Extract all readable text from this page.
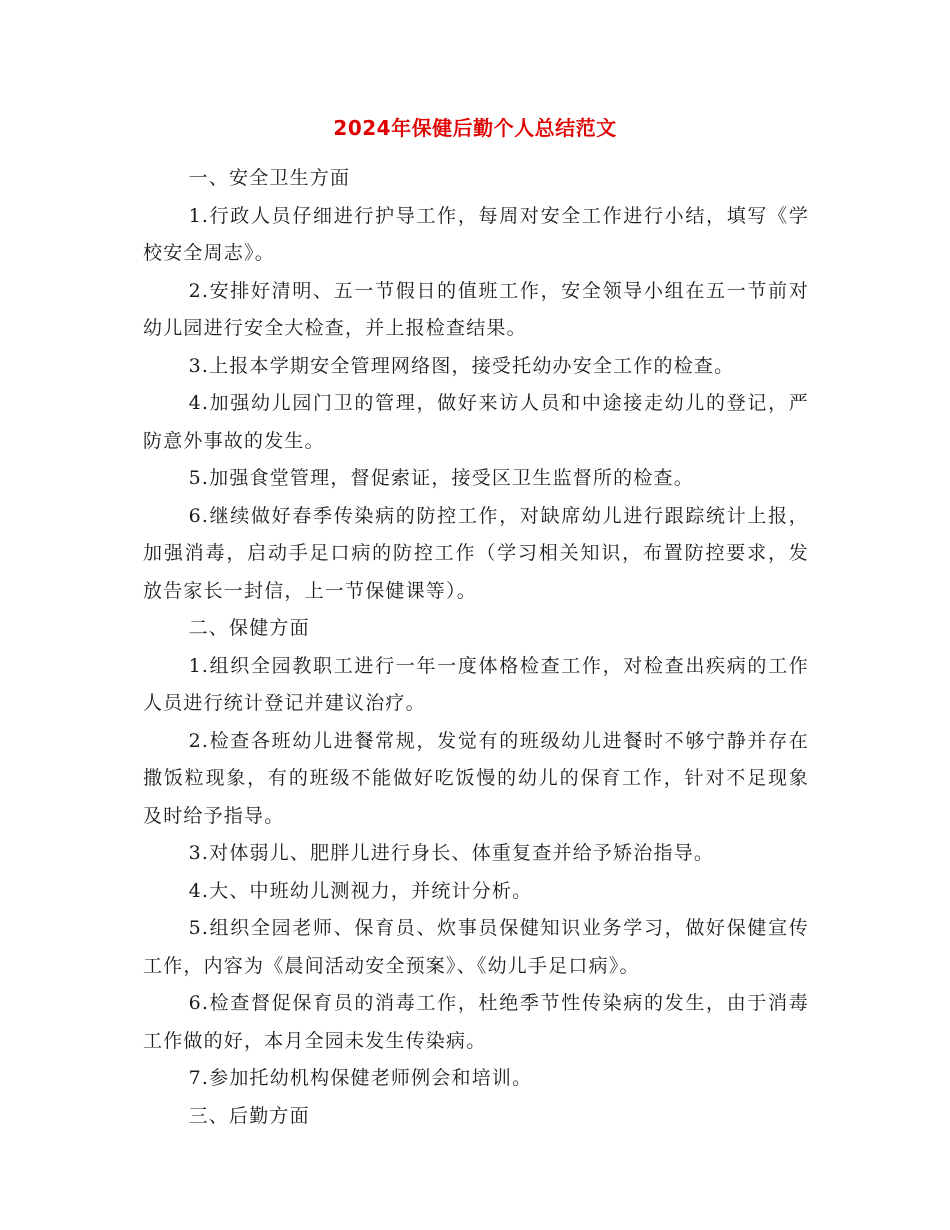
2024年保健后勤个人总结范文

一、安全卫生方面

1.行政人员仔细进行护导工作，每周对安全工作进行小结，填写《学校安全周志》。

2.安排好清明、五一节假日的值班工作，安全领导小组在五一节前对幼儿园进行安全大检查，并上报检查结果。

3.上报本学期安全管理网络图，接受托幼办安全工作的检查。

4.加强幼儿园门卫的管理，做好来访人员和中途接走幼儿的登记，严防意外事故的发生。

5.加强食堂管理，督促索证，接受区卫生监督所的检查。

6.继续做好春季传染病的防控工作，对缺席幼儿进行跟踪统计上报，加强消毒，启动手足口病的防控工作（学习相关知识，布置防控要求，发放告家长一封信，上一节保健课等）。

二、保健方面

1.组织全园教职工进行一年一度体格检查工作，对检查出疾病的工作人员进行统计登记并建议治疗。

2.检查各班幼儿进餐常规，发觉有的班级幼儿进餐时不够宁静并存在撒饭粒现象，有的班级不能做好吃饭慢的幼儿的保育工作，针对不足现象及时给予指导。

3.对体弱儿、肥胖儿进行身长、体重复查并给予矫治指导。

4.大、中班幼儿测视力，并统计分析。

5.组织全园老师、保育员、炊事员保健知识业务学习，做好保健宣传工作，内容为《晨间活动安全预案》、《幼儿手足口病》。

6.检查督促保育员的消毒工作，杜绝季节性传染病的发生，由于消毒工作做的好，本月全园未发生传染病。

7.参加托幼机构保健老师例会和培训。

三、后勤方面
